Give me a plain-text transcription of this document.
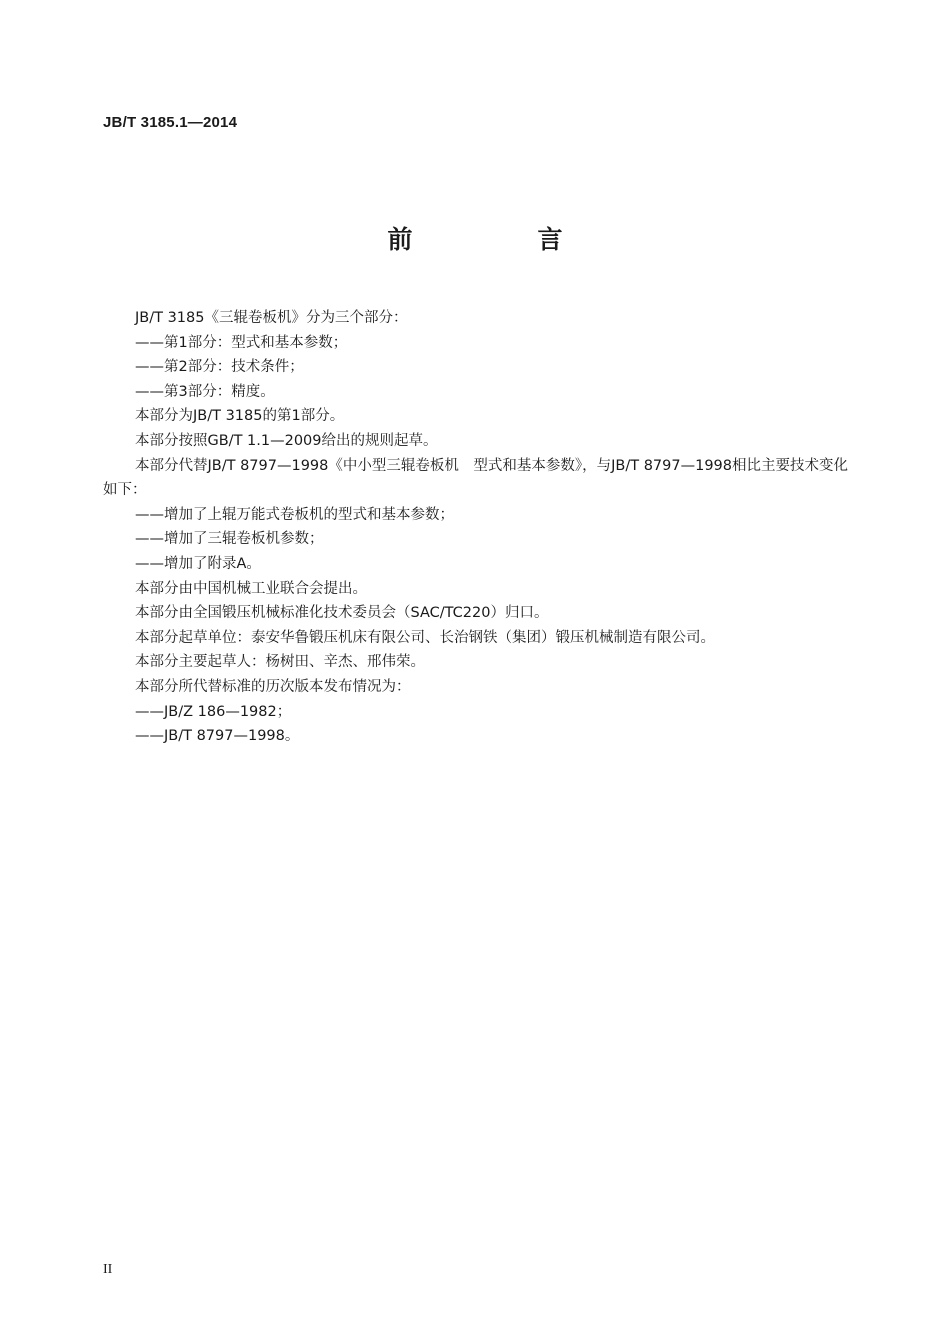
JB/T 3185.1—2014
前　言

JB/T 3185《三辊卷板机》分为三个部分：

——第1部分：型式和基本参数；

——第2部分：技术条件；

——第3部分：精度。

本部分为JB/T 3185的第1部分。

本部分按照GB/T 1.1—2009给出的规则起草。

本部分代替JB/T 8797—1998《中小型三辊卷板机　型式和基本参数》，与JB/T 8797—1998相比主要技术变化如下：

——增加了上辊万能式卷板机的型式和基本参数；

——增加了三辊卷板机参数；

——增加了附录A。

本部分由中国机械工业联合会提出。

本部分由全国锻压机械标准化技术委员会（SAC/TC220）归口。

本部分起草单位：泰安华鲁锻压机床有限公司、长治钢铁（集团）锻压机械制造有限公司。

本部分主要起草人：杨树田、辛杰、邢伟荣。

本部分所代替标准的历次版本发布情况为：

——JB/Z 186—1982；

——JB/T 8797—1998。

II
